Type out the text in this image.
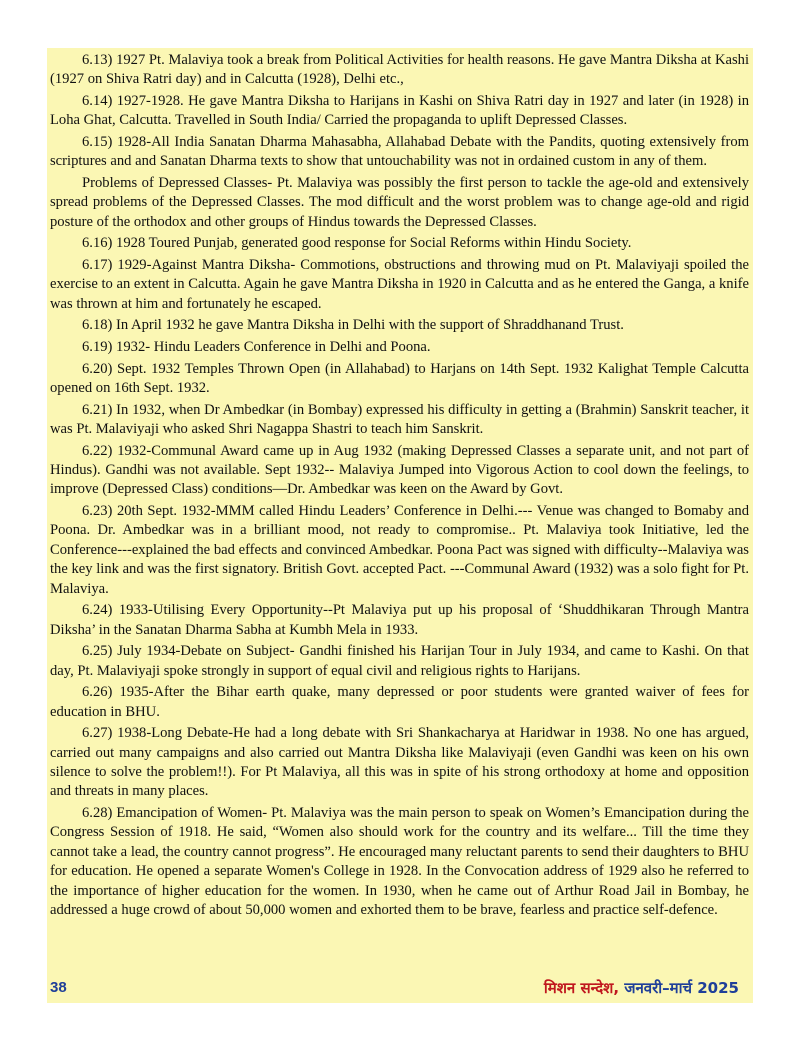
6.13) 1927 Pt. Malaviya took a break from Political Activities for health reasons. He gave Mantra Diksha at Kashi (1927 on Shiva Ratri day) and in Calcutta (1928), Delhi etc.,

6.14) 1927-1928. He gave Mantra Diksha to Harijans in Kashi on Shiva Ratri day in 1927 and later (in 1928) in Loha Ghat, Calcutta. Travelled in South India/ Carried the propaganda to uplift Depressed Classes.

6.15) 1928-All India Sanatan Dharma Mahasabha, Allahabad Debate with the Pandits, quoting extensively from scriptures and and Sanatan Dharma texts to show that untouchability was not in ordained custom in any of them.

Problems of Depressed Classes- Pt. Malaviya was possibly the first person to tackle the age-old and extensively spread problems of the Depressed Classes. The mod difficult and the worst problem was to change age-old and rigid posture of the orthodox and other groups of Hindus towards the Depressed Classes.

6.16) 1928 Toured Punjab, generated good response for Social Reforms within Hindu Society.

6.17) 1929-Against Mantra Diksha- Commotions, obstructions and throwing mud on Pt. Malaviyaji spoiled the exercise to an extent in Calcutta. Again he gave Mantra Diksha in 1920 in Calcutta and as he entered the Ganga, a knife was thrown at him and fortunately he escaped.

6.18) In April 1932 he gave Mantra Diksha in Delhi with the support of Shraddhanand Trust.

6.19) 1932- Hindu Leaders Conference in Delhi and Poona.

6.20) Sept. 1932 Temples Thrown Open (in Allahabad) to Harjans on 14th Sept. 1932 Kalighat Temple Calcutta opened on 16th Sept. 1932.

6.21) In 1932, when Dr Ambedkar (in Bombay) expressed his difficulty in getting a (Brahmin) Sanskrit teacher, it was Pt. Malaviyaji who asked Shri Nagappa Shastri to teach him Sanskrit.

6.22) 1932-Communal Award came up in Aug 1932 (making Depressed Classes a separate unit, and not part of Hindus). Gandhi was not available. Sept 1932-- Malaviya Jumped into Vigorous Action to cool down the feelings, to improve (Depressed Class) conditions—Dr. Ambedkar was keen on the Award by Govt.

6.23) 20th Sept. 1932-MMM called Hindu Leaders’ Conference in Delhi.--- Venue was changed to Bomaby and Poona. Dr. Ambedkar was in a brilliant mood, not ready to compromise.. Pt. Malaviya took Initiative, led the Conference---explained the bad effects and convinced Ambedkar. Poona Pact was signed with difficulty--Malaviya was the key link and was the first signatory. British Govt. accepted Pact. ---Communal Award (1932) was a solo fight for Pt. Malaviya.

6.24) 1933-Utilising Every Opportunity--Pt Malaviya put up his proposal of ‘Shuddhikaran Through Mantra Diksha’ in the Sanatan Dharma Sabha at Kumbh Mela in 1933.

6.25) July 1934-Debate on Subject- Gandhi finished his Harijan Tour in July 1934, and came to Kashi. On that day, Pt. Malaviyaji spoke strongly in support of equal civil and religious rights to Harijans.

6.26) 1935-After the Bihar earth quake, many depressed or poor students were granted waiver of fees for education in BHU.

6.27) 1938-Long Debate-He had a long debate with Sri Shankacharya at Haridwar in 1938. No one has argued, carried out many campaigns and also carried out Mantra Diksha like Malaviyaji (even Gandhi was keen on his own silence to solve the problem!!). For Pt Malaviya, all this was in spite of his strong orthodoxy at home and opposition and threats in many places.

6.28) Emancipation of Women- Pt. Malaviya was the main person to speak on Women’s Emancipation during the Congress Session of 1918. He said, “Women also should work for the country and its welfare... Till the time they cannot take a lead, the country cannot progress”. He encouraged many reluctant parents to send their daughters to BHU for education. He opened a separate Women's College in 1928. In the Convocation address of 1929 also he referred to the importance of higher education for the women. In 1930, when he came out of Arthur Road Jail in Bombay, he addressed a huge crowd of about 50,000 women and exhorted them to be brave, fearless and practice self-defence.

38	मिशन सन्देश, जनवरी–मार्च 2025
